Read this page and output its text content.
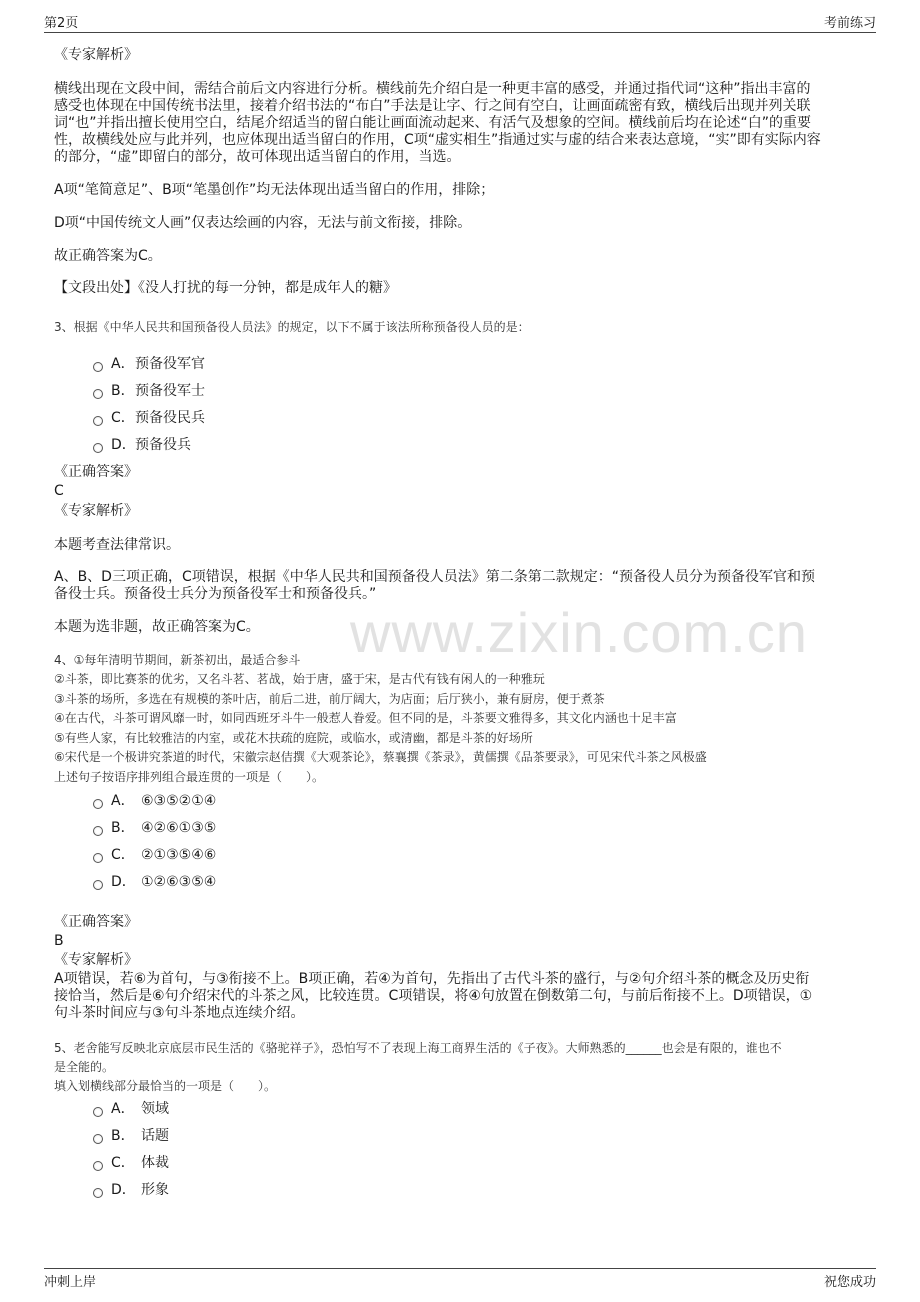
第2页	考前练习
www.zixin.com.cn
《专家解析》
横线出现在文段中间，需结合前后文内容进行分析。横线前先介绍白是一种更丰富的感受，并通过指代词“这种”指出丰富的
感受也体现在中国传统书法里，接着介绍书法的“布白”手法是让字、行之间有空白，让画面疏密有致，横线后出现并列关联
词“也”并指出擅长使用空白，结尾介绍适当的留白能让画面流动起来、有活气及想象的空间。横线前后均在论述“白”的重要
性，故横线处应与此并列，也应体现出适当留白的作用，C项“虚实相生”指通过实与虚的结合来表达意境，“实”即有实际内容
的部分，“虚”即留白的部分，故可体现出适当留白的作用，当选。
A项“笔简意足”、B项“笔墨创作”均无法体现出适当留白的作用，排除；
D项“中国传统文人画”仅表达绘画的内容，无法与前文衔接，排除。
故正确答案为C。
【文段出处】《没人打扰的每一分钟，都是成年人的糖》
3、根据《中华人民共和国预备役人员法》的规定，以下不属于该法所称预备役人员的是：
A．预备役军官
B．预备役军士
C．预备役民兵
D．预备役兵
《正确答案》
C
《专家解析》
本题考查法律常识。
A、B、D三项正确，C项错误，根据《中华人民共和国预备役人员法》第二条第二款规定：“预备役人员分为预备役军官和预
备役士兵。预备役士兵分为预备役军士和预备役兵。”
本题为选非题，故正确答案为C。
4、①每年清明节期间，新茶初出，最适合参斗
②斗茶，即比赛茶的优劣，又名斗茗、茗战，始于唐，盛于宋，是古代有钱有闲人的一种雅玩
③斗茶的场所，多选在有规模的茶叶店，前后二进，前厅阔大，为店面；后厅狭小，兼有厨房，便于煮茶
④在古代，斗茶可谓风靡一时，如同西班牙斗牛一般惹人眷爱。但不同的是，斗茶要文雅得多，其文化内涵也十足丰富
⑤有些人家，有比较雅洁的内室，或花木扶疏的庭院，或临水，或清幽，都是斗茶的好场所
⑥宋代是一个极讲究茶道的时代，宋徽宗赵佶撰《大观茶论》，蔡襄撰《茶录》，黄儒撰《品茶要录》，可见宋代斗茶之风极盛
上述句子按语序排列组合最连贯的一项是（　　）。
A． ⑥③⑤②①④
B． ④②⑥①③⑤
C． ②①③⑤④⑥
D． ①②⑥③⑤④
《正确答案》
B
《专家解析》
A项错误，若⑥为首句，与③衔接不上。B项正确，若④为首句，先指出了古代斗茶的盛行，与②句介绍斗茶的概念及历史衔
接恰当，然后是⑥句介绍宋代的斗茶之风，比较连贯。C项错误，将④句放置在倒数第二句，与前后衔接不上。D项错误，①
句斗茶时间应与③句斗茶地点连续介绍。
5、老舍能写反映北京底层市民生活的《骆驼祥子》，恐怕写不了表现上海工商界生活的《子夜》。大师熟悉的______也会是有限的，谁也不
是全能的。
填入划横线部分最恰当的一项是（　　）。
A． 领域
B． 话题
C． 体裁
D． 形象
冲刺上岸	祝您成功
